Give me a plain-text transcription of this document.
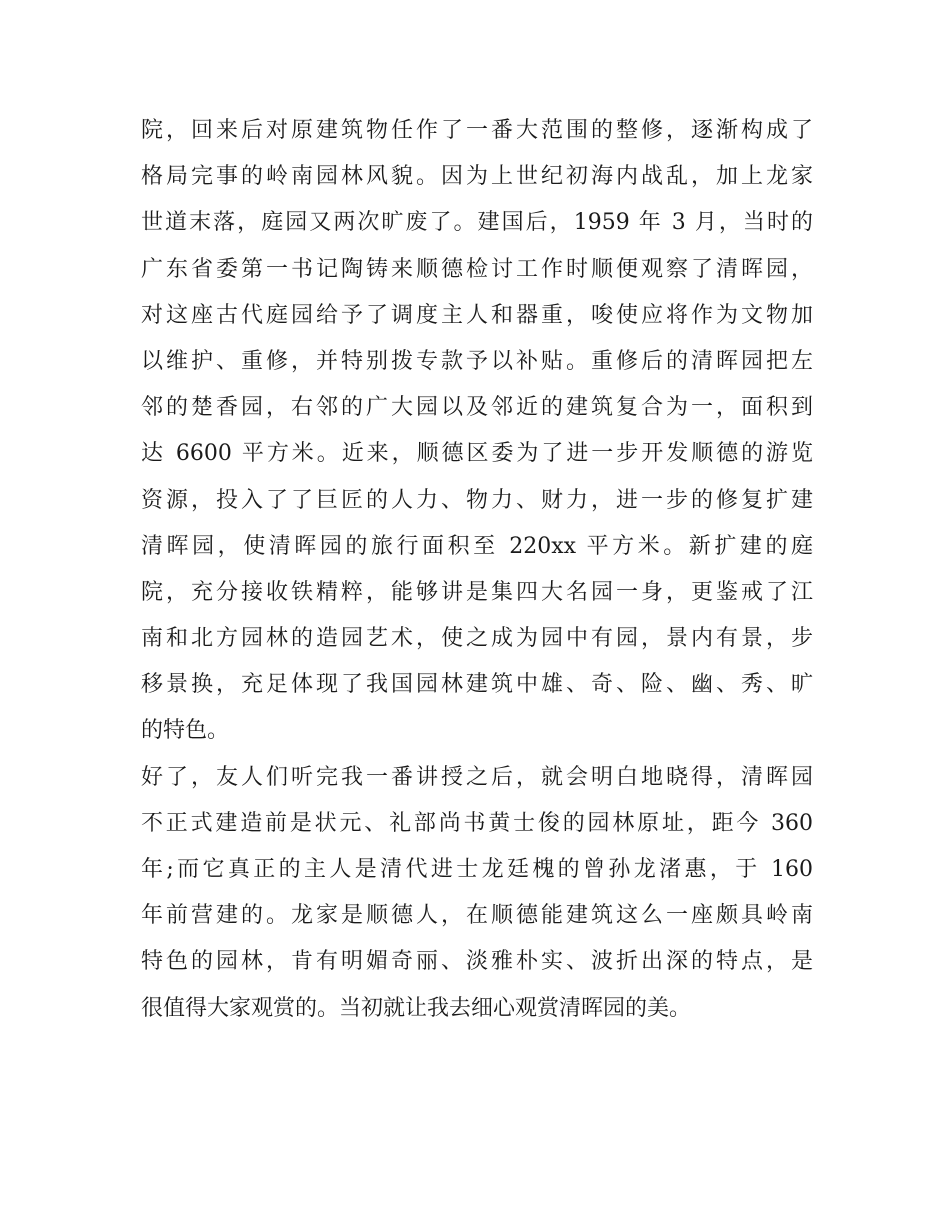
院，回来后对原建筑物任作了一番大范围的整修，逐渐构成了
格局完事的岭南园林风貌。因为上世纪初海内战乱，加上龙家
世道末落，庭园又两次旷废了。建国后，1959 年 3 月，当时的
广东省委第一书记陶铸来顺德检讨工作时顺便观察了清晖园，
对这座古代庭园给予了调度主人和器重，唆使应将作为文物加
以维护、重修，并特别拨专款予以补贴。重修后的清晖园把左
邻的楚香园，右邻的广大园以及邻近的建筑复合为一，面积到
达 6600 平方米。近来，顺德区委为了进一步开发顺德的游览
资源，投入了了巨匠的人力、物力、财力，进一步的修复扩建
清晖园，使清晖园的旅行面积至 220xx 平方米。新扩建的庭
院，充分接收铁精粹，能够讲是集四大名园一身，更鉴戒了江
南和北方园林的造园艺术，使之成为园中有园，景内有景，步
移景换，充足体现了我国园林建筑中雄、奇、险、幽、秀、旷
的特色。
好了，友人们听完我一番讲授之后，就会明白地晓得，清晖园
不正式建造前是状元、礼部尚书黄士俊的园林原址，距今 360
年;而它真正的主人是清代进士龙廷槐的曾孙龙渚惠，于 160
年前营建的。龙家是顺德人，在顺德能建筑这么一座颇具岭南
特色的园林，肯有明媚奇丽、淡雅朴实、波折出深的特点，是
很值得大家观赏的。当初就让我去细心观赏清晖园的美。
